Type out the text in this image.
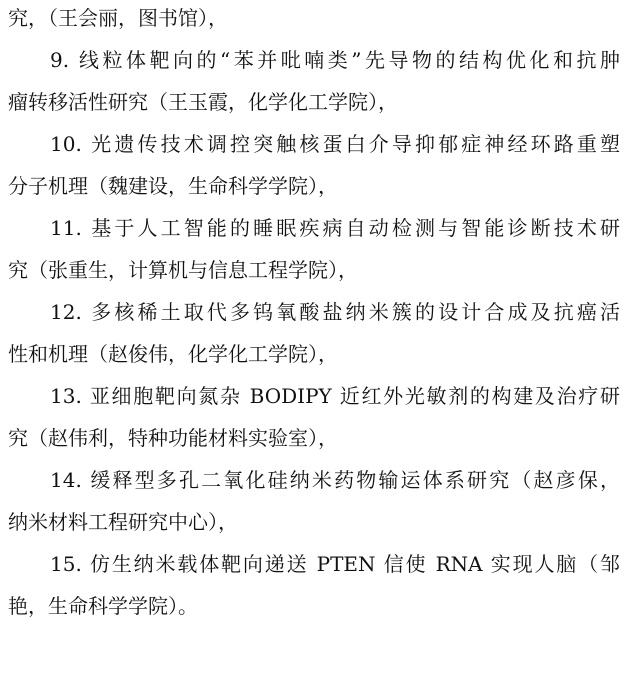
究，（王会丽，图书馆），
9. 线粒体靶向的“苯并吡喃类”先导物的结构优化和抗肿
瘤转移活性研究（王玉霞，化学化工学院），
10. 光遗传技术调控突触核蛋白介导抑郁症神经环路重塑
分子机理（魏建设，生命科学学院），
11. 基于人工智能的睡眠疾病自动检测与智能诊断技术研
究（张重生，计算机与信息工程学院），
12. 多核稀土取代多钨氧酸盐纳米簇的设计合成及抗癌活
性和机理（赵俊伟，化学化工学院），
13. 亚细胞靶向氮杂 BODIPY 近红外光敏剂的构建及治疗研
究（赵伟利，特种功能材料实验室），
14. 缓释型多孔二氧化硅纳米药物输运体系研究（赵彦保，
纳米材料工程研究中心），
15. 仿生纳米载体靶向递送 PTEN 信使 RNA 实现人脑（邹
艳，生命科学学院）。
